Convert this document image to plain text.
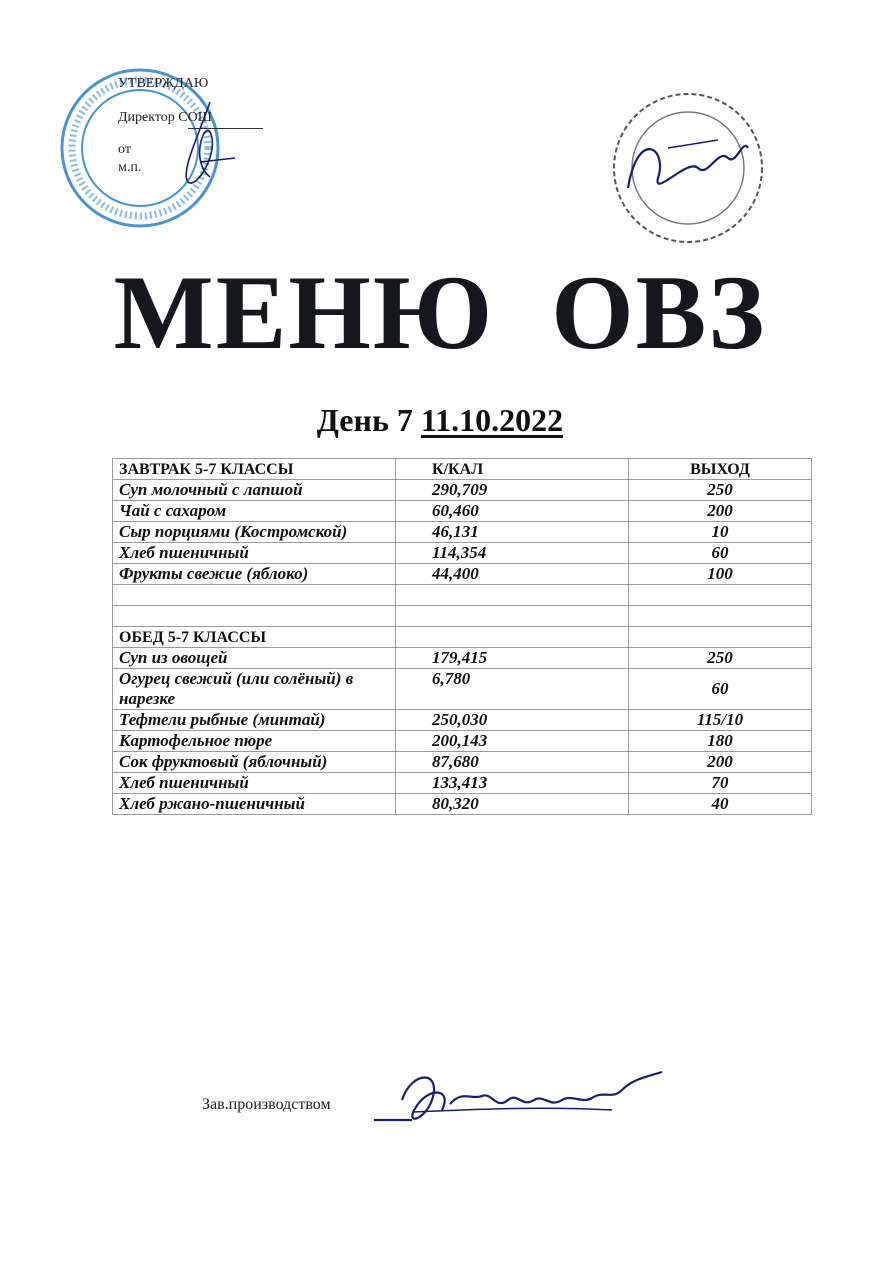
УТВЕРЖДАЮ
Директор СОШ
от
м.п.
МЕНЮ  ОВЗ
День 7 11.10.2022
ЗАВТРАК 5-7 КЛАССЫ	К/КАЛ	ВЫХОД
Суп молочный с лапшой	290,709	250
Чай с сахаром	60,460	200
Сыр порциями (Костромской)	46,131	10
Хлеб пшеничный	114,354	60
Фрукты свежие (яблоко)	44,400	100

ОБЕД 5-7 КЛАССЫ		
Суп из овощей	179,415	250
Огурец свежий (или солёный) в нарезке	6,780	60
Тефтели рыбные (минтай)	250,030	115/10
Картофельное пюре	200,143	180
Сок фруктовый (яблочный)	87,680	200
Хлеб пшеничный	133,413	70
Хлеб ржано-пшеничный	80,320	40
Зав.производством
